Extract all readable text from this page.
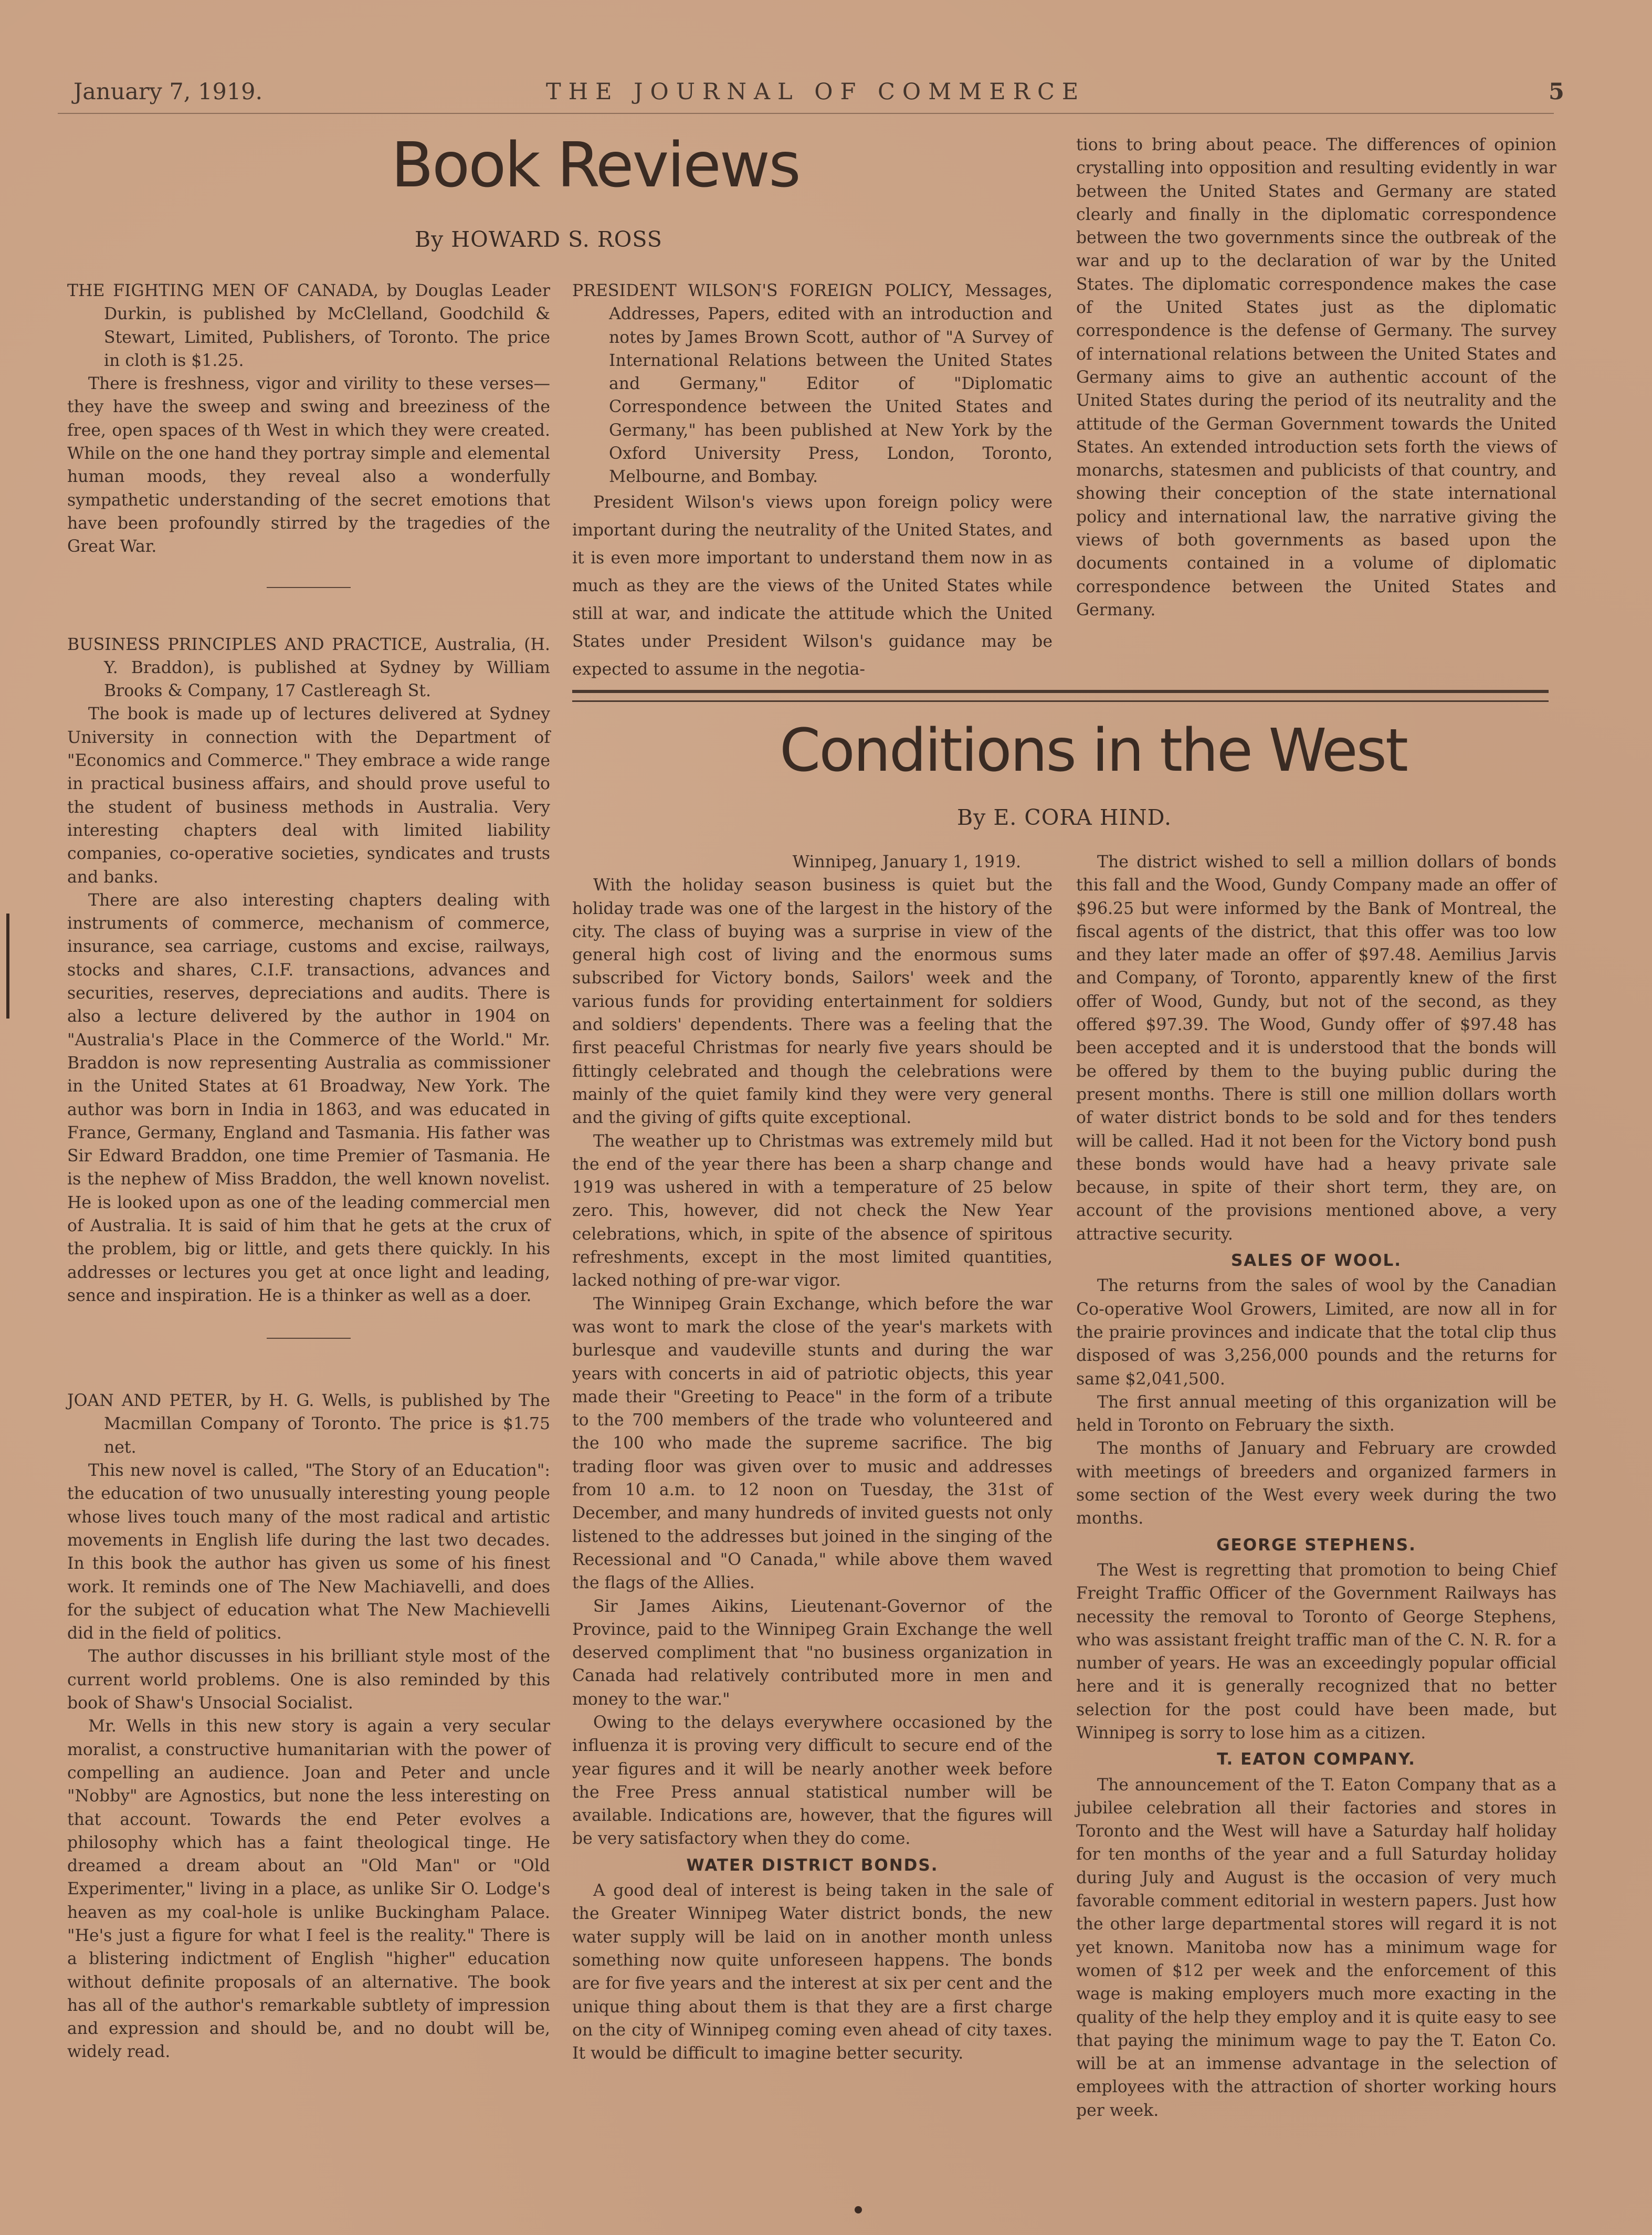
January 7, 1919.	THE JOURNAL OF COMMERCE	5
Book Reviews
By HOWARD S. ROSS

THE FIGHTING MEN OF CANADA, by Douglas Leader Durkin, is published by McClelland, Goodchild & Stewart, Limited, Publishers, of Toronto. The price in cloth is $1.25.

There is freshness, vigor and virility to these verses—they have the sweep and swing and breeziness of the free, open spaces of th West in which they were created. While on the one hand they portray simple and elemental human moods, they reveal also a wonderfully sympathetic understanding of the secret emotions that have been profoundly stirred by the tragedies of the Great War.

BUSINESS PRINCIPLES AND PRACTICE, Australia, (H. Y. Braddon), is published at Sydney by William Brooks & Company, 17 Castlereagh St.

The book is made up of lectures delivered at Sydney University in connection with the Department of "Economics and Commerce." They embrace a wide range in practical business affairs, and should prove useful to the student of business methods in Australia. Very interesting chapters deal with limited liability companies, co-operative societies, syndicates and trusts and banks.

There are also interesting chapters dealing with instruments of commerce, mechanism of commerce, insurance, sea carriage, customs and excise, railways, stocks and shares, C.I.F. transactions, advances and securities, reserves, depreciations and audits. There is also a lecture delivered by the author in 1904 on "Australia's Place in the Commerce of the World." Mr. Braddon is now representing Australia as commissioner in the United States at 61 Broadway, New York. The author was born in India in 1863, and was educated in France, Germany, England and Tasmania. His father was Sir Edward Braddon, one time Premier of Tasmania. He is the nephew of Miss Braddon, the well known novelist. He is looked upon as one of the leading commercial men of Australia. It is said of him that he gets at the crux of the problem, big or little, and gets there quickly. In his addresses or lectures you get at once light and leading, sence and inspiration. He is a thinker as well as a doer.

JOAN AND PETER, by H. G. Wells, is published by The Macmillan Company of Toronto. The price is $1.75 net.

This new novel is called, "The Story of an Education": the education of two unusually interesting young people whose lives touch many of the most radical and artistic movements in English life during the last two decades. In this book the author has given us some of his finest work. It reminds one of The New Machiavelli, and does for the subject of education what The New Machievelli did in the field of politics.

The author discusses in his brilliant style most of the current world problems. One is also reminded by this book of Shaw's Unsocial Socialist.

Mr. Wells in this new story is again a very secular moralist, a constructive humanitarian with the power of compelling an audience. Joan and Peter and uncle "Nobby" are Agnostics, but none the less interesting on that account. Towards the end Peter evolves a philosophy which has a faint theological tinge. He dreamed a dream about an "Old Man" or "Old Experimenter," living in a place, as unlike Sir O. Lodge's heaven as my coal-hole is unlike Buckingham Palace. "He's just a figure for what I feel is the reality." There is a blistering indictment of English "higher" education without definite proposals of an alternative. The book has all of the author's remarkable subtlety of impression and expression and should be, and no doubt will be, widely read.

PRESIDENT WILSON'S FOREIGN POLICY, Messages, Addresses, Papers, edited with an introduction and notes by James Brown Scott, author of "A Survey of International Relations between the United States and Germany," Editor of "Diplomatic Correspondence between the United States and Germany," has been published at New York by the Oxford University Press, London, Toronto, Melbourne, and Bombay.

President Wilson's views upon foreign policy were important during the neutrality of the United States, and it is even more important to understand them now in as much as they are the views of the United States while still at war, and indicate the attitude which the United States under President Wilson's guidance may be expected to assume in the negotia-

tions to bring about peace. The differences of opinion crystalling into opposition and resulting evidently in war between the United States and Germany are stated clearly and finally in the diplomatic correspondence between the two governments since the outbreak of the war and up to the declaration of war by the United States. The diplomatic correspondence makes the case of the United States just as the diplomatic correspondence is the defense of Germany. The survey of international relations between the United States and Germany aims to give an authentic account of the United States during the period of its neutrality and the attitude of the German Government towards the United States. An extended introduction sets forth the views of monarchs, statesmen and publicists of that country, and showing their conception of the state international policy and international law, the narrative giving the views of both governments as based upon the documents contained in a volume of diplomatic correspondence between the United States and Germany.

Conditions in the West
By E. CORA HIND.

Winnipeg, January 1, 1919.

With the holiday season business is quiet but the holiday trade was one of the largest in the history of the city. The class of buying was a surprise in view of the general high cost of living and the enormous sums subscribed for Victory bonds, Sailors' week and the various funds for providing entertainment for soldiers and soldiers' dependents. There was a feeling that the first peaceful Christmas for nearly five years should be fittingly celebrated and though the celebrations were mainly of the quiet family kind they were very general and the giving of gifts quite exceptional.

The weather up to Christmas was extremely mild but the end of the year there has been a sharp change and 1919 was ushered in with a temperature of 25 below zero. This, however, did not check the New Year celebrations, which, in spite of the absence of spiritous refreshments, except in the most limited quantities, lacked nothing of pre-war vigor.

The Winnipeg Grain Exchange, which before the war was wont to mark the close of the year's markets with burlesque and vaudeville stunts and during the war years with concerts in aid of patriotic objects, this year made their "Greeting to Peace" in the form of a tribute to the 700 members of the trade who volunteered and the 100 who made the supreme sacrifice. The big trading floor was given over to music and addresses from 10 a.m. to 12 noon on Tuesday, the 31st of December, and many hundreds of invited guests not only listened to the addresses but joined in the singing of the Recessional and "O Canada," while above them waved the flags of the Allies.

Sir James Aikins, Lieutenant-Governor of the Province, paid to the Winnipeg Grain Exchange the well deserved compliment that "no business organization in Canada had relatively contributed more in men and money to the war."

Owing to the delays everywhere occasioned by the influenza it is proving very difficult to secure end of the year figures and it will be nearly another week before the Free Press annual statistical number will be available. Indications are, however, that the figures will be very satisfactory when they do come.

WATER DISTRICT BONDS.

A good deal of interest is being taken in the sale of the Greater Winnipeg Water district bonds, the new water supply will be laid on in another month unless something now quite unforeseen happens. The bonds are for five years and the interest at six per cent and the unique thing about them is that they are a first charge on the city of Winnipeg coming even ahead of city taxes. It would be difficult to imagine better security.

The district wished to sell a million dollars of bonds this fall and the Wood, Gundy Company made an offer of $96.25 but were informed by the Bank of Montreal, the fiscal agents of the district, that this offer was too low and they later made an offer of $97.48. Aemilius Jarvis and Company, of Toronto, apparently knew of the first offer of Wood, Gundy, but not of the second, as they offered $97.39. The Wood, Gundy offer of $97.48 has been accepted and it is understood that the bonds will be offered by them to the buying public during the present months. There is still one million dollars worth of water district bonds to be sold and for thes tenders will be called. Had it not been for the Victory bond push these bonds would have had a heavy private sale because, in spite of their short term, they are, on account of the provisions mentioned above, a very attractive security.

SALES OF WOOL.

The returns from the sales of wool by the Canadian Co-operative Wool Growers, Limited, are now all in for the prairie provinces and indicate that the total clip thus disposed of was 3,256,000 pounds and the returns for same $2,041,500.

The first annual meeting of this organization will be held in Toronto on February the sixth.

The months of January and February are crowded with meetings of breeders and organized farmers in some section of the West every week during the two months.

GEORGE STEPHENS.

The West is regretting that promotion to being Chief Freight Traffic Officer of the Government Railways has necessity the removal to Toronto of George Stephens, who was assistant freight traffic man of the C. N. R. for a number of years. He was an exceedingly popular official here and it is generally recognized that no better selection for the post could have been made, but Winnipeg is sorry to lose him as a citizen.

T. EATON COMPANY.

The announcement of the T. Eaton Company that as a jubilee celebration all their factories and stores in Toronto and the West will have a Saturday half holiday for ten months of the year and a full Saturday holiday during July and August is the occasion of very much favorable comment editorial in western papers. Just how the other large departmental stores will regard it is not yet known. Manitoba now has a minimum wage for women of $12 per week and the enforcement of this wage is making employers much more exacting in the quality of the help they employ and it is quite easy to see that paying the minimum wage to pay the T. Eaton Co. will be at an immense advantage in the selection of employees with the attraction of shorter working hours per week.
